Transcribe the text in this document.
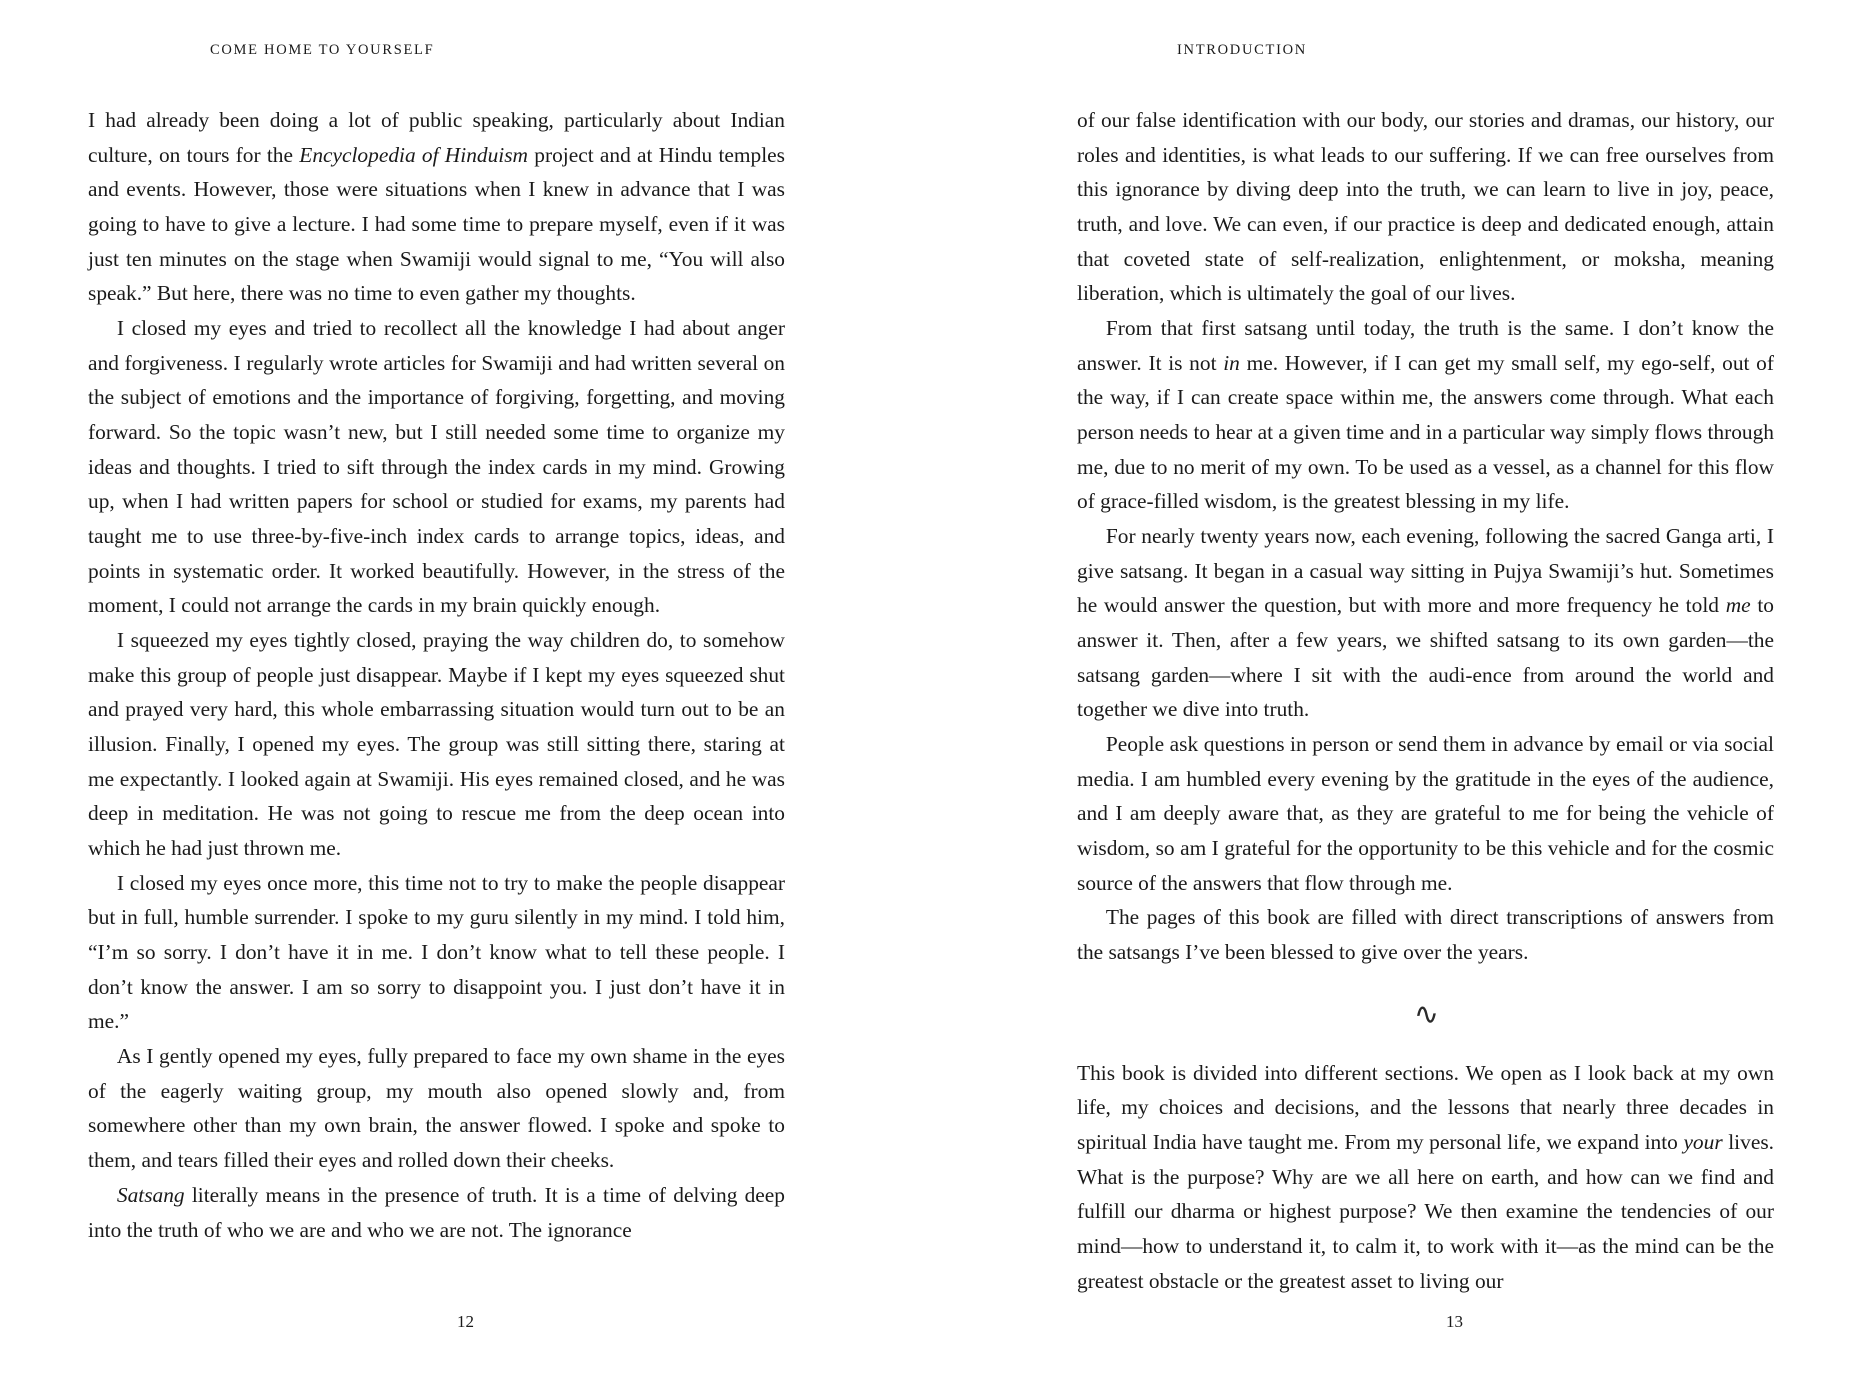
COME HOME TO YOURSELF

I had already been doing a lot of public speaking, particularly about Indian culture, on tours for the Encyclopedia of Hinduism project and at Hindu temples and events. However, those were situations when I knew in advance that I was going to have to give a lecture. I had some time to prepare myself, even if it was just ten minutes on the stage when Swamiji would signal to me, “You will also speak.” But here, there was no time to even gather my thoughts.

I closed my eyes and tried to recollect all the knowledge I had about anger and forgiveness. I regularly wrote articles for Swamiji and had written several on the subject of emotions and the importance of forgiving, forgetting, and moving forward. So the topic wasn’t new, but I still needed some time to organize my ideas and thoughts. I tried to sift through the index cards in my mind. Growing up, when I had written papers for school or studied for exams, my parents had taught me to use three-by-five-inch index cards to arrange topics, ideas, and points in systematic order. It worked beautifully. However, in the stress of the moment, I could not arrange the cards in my brain quickly enough.

I squeezed my eyes tightly closed, praying the way children do, to somehow make this group of people just disappear. Maybe if I kept my eyes squeezed shut and prayed very hard, this whole embarrassing situation would turn out to be an illusion. Finally, I opened my eyes. The group was still sitting there, staring at me expectantly. I looked again at Swamiji. His eyes remained closed, and he was deep in meditation. He was not going to rescue me from the deep ocean into which he had just thrown me.

I closed my eyes once more, this time not to try to make the people disappear but in full, humble surrender. I spoke to my guru silently in my mind. I told him, “I’m so sorry. I don’t have it in me. I don’t know what to tell these people. I don’t know the answer. I am so sorry to disappoint you. I just don’t have it in me.”

As I gently opened my eyes, fully prepared to face my own shame in the eyes of the eagerly waiting group, my mouth also opened slowly and, from somewhere other than my own brain, the answer flowed. I spoke and spoke to them, and tears filled their eyes and rolled down their cheeks.

Satsang literally means in the presence of truth. It is a time of delving deep into the truth of who we are and who we are not. The ignorance

12
INTRODUCTION

of our false identification with our body, our stories and dramas, our history, our roles and identities, is what leads to our suffering. If we can free ourselves from this ignorance by diving deep into the truth, we can learn to live in joy, peace, truth, and love. We can even, if our practice is deep and dedicated enough, attain that coveted state of self-realization, enlightenment, or moksha, meaning liberation, which is ultimately the goal of our lives.

From that first satsang until today, the truth is the same. I don’t know the answer. It is not in me. However, if I can get my small self, my ego-self, out of the way, if I can create space within me, the answers come through. What each person needs to hear at a given time and in a particular way simply flows through me, due to no merit of my own. To be used as a vessel, as a channel for this flow of grace-filled wisdom, is the greatest blessing in my life.

For nearly twenty years now, each evening, following the sacred Ganga arti, I give satsang. It began in a casual way sitting in Pujya Swamiji’s hut. Sometimes he would answer the question, but with more and more frequency he told me to answer it. Then, after a few years, we shifted satsang to its own garden—the satsang garden—where I sit with the audi-ence from around the world and together we dive into truth.

People ask questions in person or send them in advance by email or via social media. I am humbled every evening by the gratitude in the eyes of the audience, and I am deeply aware that, as they are grateful to me for being the vehicle of wisdom, so am I grateful for the opportunity to be this vehicle and for the cosmic source of the answers that flow through me.

The pages of this book are filled with direct transcriptions of answers from the satsangs I’ve been blessed to give over the years.

∿

This book is divided into different sections. We open as I look back at my own life, my choices and decisions, and the lessons that nearly three decades in spiritual India have taught me. From my personal life, we expand into your lives. What is the purpose? Why are we all here on earth, and how can we find and fulfill our dharma or highest purpose? We then examine the tendencies of our mind—how to understand it, to calm it, to work with it—as the mind can be the greatest obstacle or the greatest asset to living our

13
